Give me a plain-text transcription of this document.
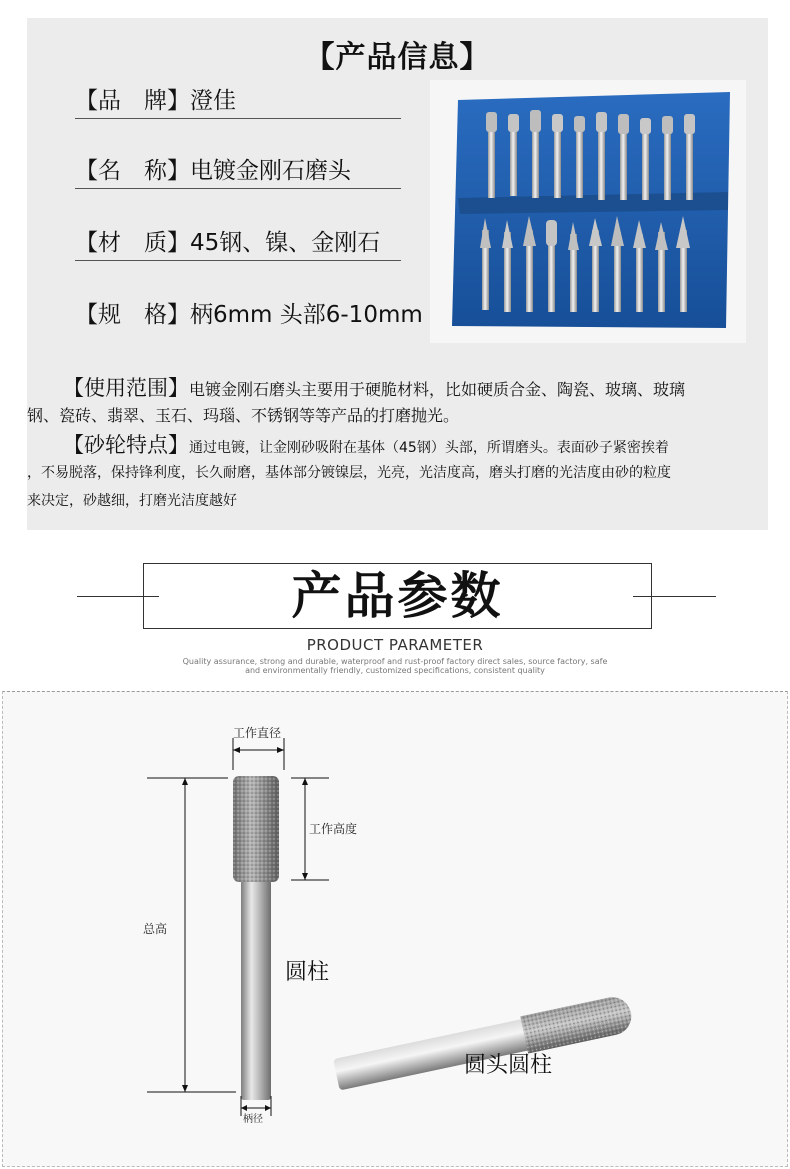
【产品信息】
【品　牌】澄佳
【名　称】电镀金刚石磨头
【材　质】45钢、镍、金刚石
【规　格】柄6mm 头部6-10mm
【使用范围】电镀金刚石磨头主要用于硬脆材料，比如硬质合金、陶瓷、玻璃、玻璃
钢、瓷砖、翡翠、玉石、玛瑙、不锈钢等等产品的打磨抛光。
【砂轮特点】通过电镀，让金刚砂吸附在基体（45钢）头部，所谓磨头。表面砂子紧密挨着
，不易脱落，保持锋利度，长久耐磨，基体部分镀镍层，光亮，光洁度高，磨头打磨的光洁度由砂的粒度
来决定，砂越细，打磨光洁度越好
产品参数
PRODUCT PARAMETER
Quality assurance, strong and durable, waterproof and rust-proof factory direct sales, source factory, safe
and environmentally friendly, customized specifications, consistent quality
工作直径
工作高度
总高
柄径
圆柱
圆头圆柱
